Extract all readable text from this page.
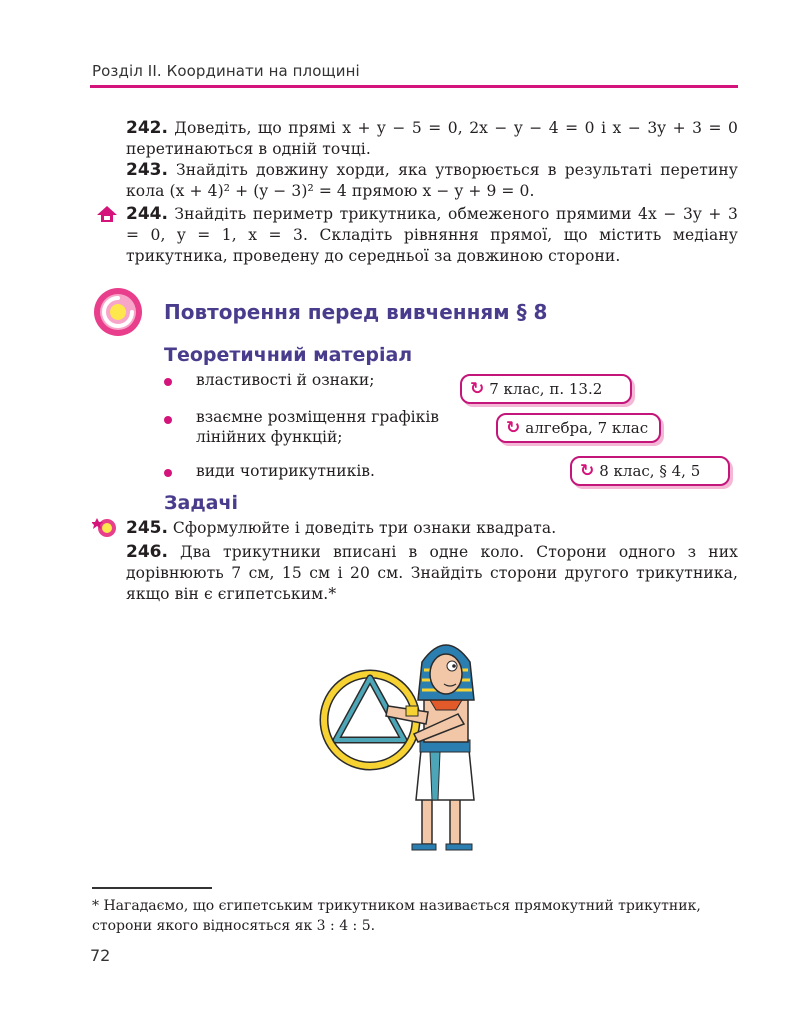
Розділ II. Координати на площині
242. Доведіть, що прямі x + y − 5 = 0, 2x − y − 4 = 0 і x − 3y + 3 = 0 перетинаються в одній точці.
243. Знайдіть довжину хорди, яка утворюється в результаті перетину кола (x + 4)² + (y − 3)² = 4 прямою x − y + 9 = 0.
244. Знайдіть периметр трикутника, обмеженого прямими 4x − 3y + 3 = 0, y = 1, x = 3. Складіть рівняння прямої, що містить медіану трикутника, проведену до середньої за довжиною сторони.
Повторення перед вивченням § 8
Теоретичний матеріал
властивості й ознаки;	↻ 7 клас, п. 13.2
взаємне розміщення графіків лінійних функцій;	↻ алгебра, 7 клас
види чотирикутників.	↻ 8 клас, § 4, 5
Задачі
245. Сформулюйте і доведіть три ознаки квадрата.
246. Два трикутники вписані в одне коло. Сторони одного з них дорівнюють 7 см, 15 см і 20 см. Знайдіть сторони другого трикутника, якщо він є єгипетським.*
* Нагадаємо, що єгипетським трикутником називається прямокутний трикутник, сторони якого відносяться як 3 : 4 : 5.
72
